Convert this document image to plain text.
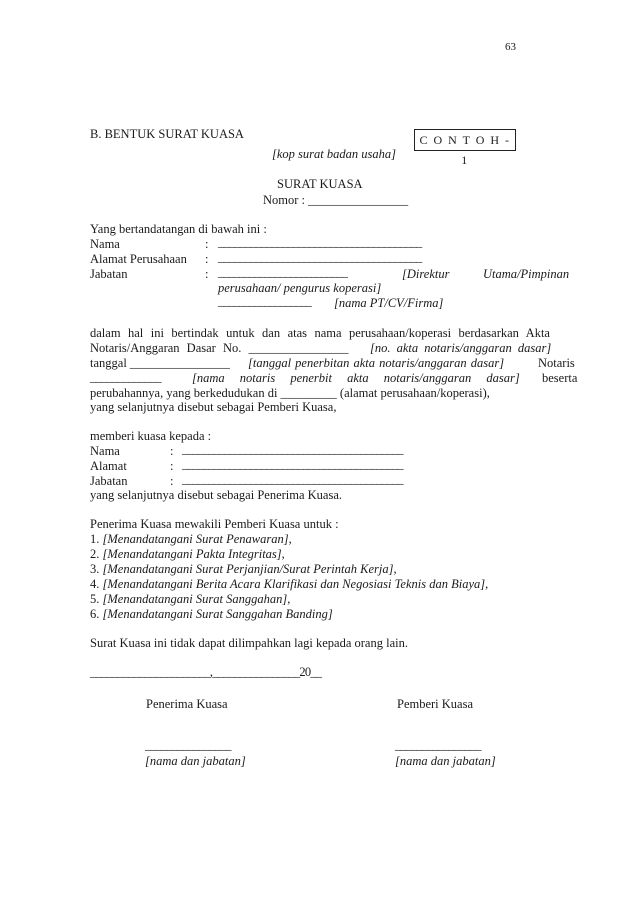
63
B. BENTUK SURAT KUASA	C O N T O H - 1
[kop surat badan usaha]
SURAT KUASA
Nomor : ________________
Yang bertandatangan di bawah ini :
Nama	: ______________________________________
Alamat Perusahaan : ______________________________________
Jabatan	: _________________________	[Direktur	Utama/Pimpinan
perusahaan/ pengurus koperasi]
__________________ [nama PT/CV/Firma]
dalam hal ini bertindak untuk dan atas nama perusahaan/koperasi berdasarkan Akta
Notaris/Anggaran Dasar No. ________________ [no. akta notaris/anggaran dasar]
tanggal ________________ [tanggal penerbitan akta notaris/anggaran dasar]	Notaris
_____________ [nama notaris penerbit akta notaris/anggaran dasar] beserta
perubahannya, yang berkedudukan di _________ (alamat perusahaan/koperasi),
yang selanjutnya disebut sebagai Pemberi Kuasa,
memberi kuasa kepada :
Nama	: __________________________________________
Alamat	: __________________________________________
Jabatan	: __________________________________________
yang selanjutnya disebut sebagai Penerima Kuasa.
Penerima Kuasa mewakili Pemberi Kuasa untuk :
1. [Menandatangani Surat Penawaran],
2. [Menandatangani Pakta Integritas],
3. [Menandatangani Surat Perjanjian/Surat Perintah Kerja],
4. [Menandatangani Berita Acara Klarifikasi dan Negosiasi Teknis dan Biaya],
5. [Menandatangani Surat Sanggahan],
6. [Menandatangani Surat Sanggahan Banding]
Surat Kuasa ini tidak dapat dilimpahkan lagi kepada orang lain.
______________________,________________20__
Penerima Kuasa	Pemberi Kuasa
________________	________________
[nama dan jabatan]	[nama dan jabatan]
